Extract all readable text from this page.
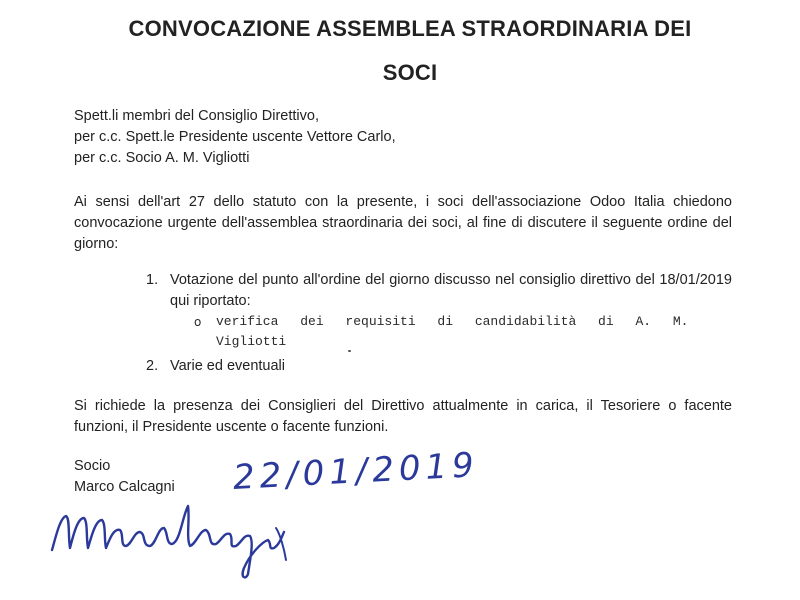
CONVOCAZIONE ASSEMBLEA STRAORDINARIA DEI
SOCI
Spett.li membri del Consiglio Direttivo,
per c.c. Spett.le Presidente uscente Vettore Carlo,
per c.c. Socio A. M. Vigliotti
Ai sensi dell'art 27 dello statuto con la presente, i soci dell'associazione Odoo Italia chiedono convocazione urgente dell'assemblea straordinaria dei soci, al fine di discutere il seguente ordine del giorno:
1. Votazione del punto all'ordine del giorno discusso nel consiglio direttivo del 18/01/2019 qui riportato:
o verifica dei requisiti di candidabilità di A. M. Vigliotti
2. Varie ed eventuali
Si richiede la presenza dei Consiglieri del Direttivo attualmente in carica, il Tesoriere o facente funzioni, il Presidente uscente o facente funzioni.
Socio
Marco Calcagni 22/01/2019
